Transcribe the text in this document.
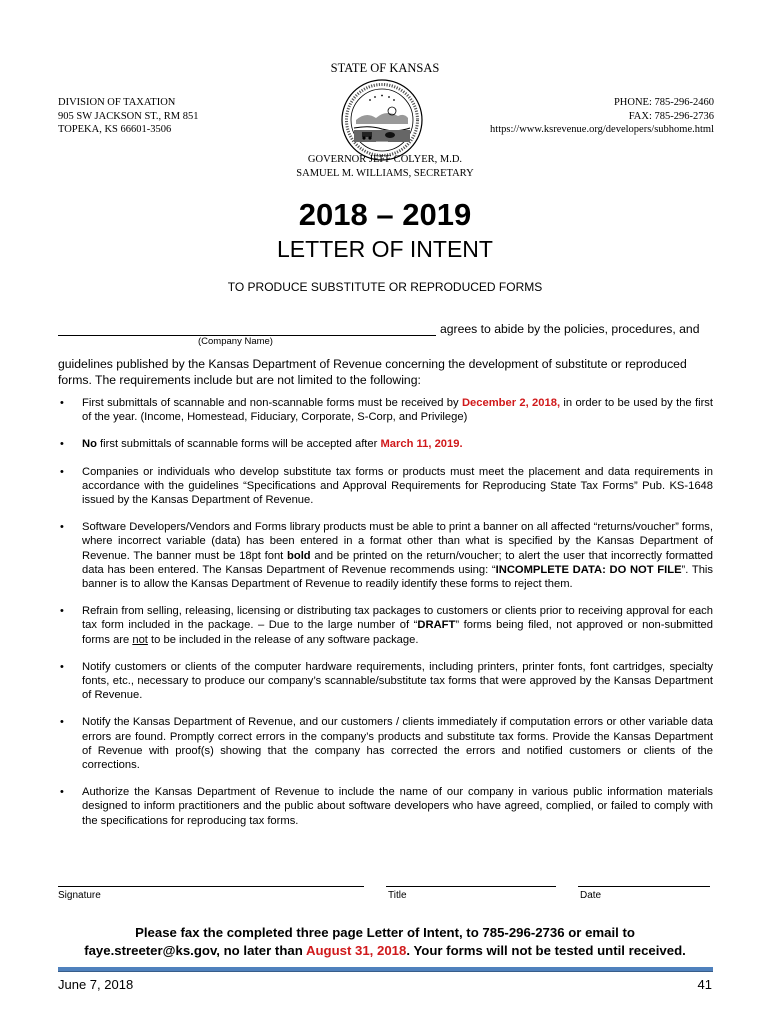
STATE OF KANSAS
DIVISION OF TAXATION
905 SW JACKSON ST., RM 851
TOPEKA, KS 66601-3506
PHONE: 785-296-2460
FAX: 785-296-2736
https://www.ksrevenue.org/developers/subhome.html
GOVERNOR JEFF COLYER, M.D.
SAMUEL M. WILLIAMS, SECRETARY
2018 – 2019
LETTER OF INTENT
TO PRODUCE SUBSTITUTE OR REPRODUCED FORMS
agrees to abide by the policies, procedures, and
(Company Name)
guidelines published by the Kansas Department of Revenue concerning the development of substitute or reproduced forms. The requirements include but are not limited to the following:
• First submittals of scannable and non-scannable forms must be received by December 2, 2018, in order to be used by the first of the year. (Income, Homestead, Fiduciary, Corporate, S-Corp, and Privilege)
• No first submittals of scannable forms will be accepted after March 11, 2019.
• Companies or individuals who develop substitute tax forms or products must meet the placement and data requirements in accordance with the guidelines “Specifications and Approval Requirements for Reproducing State Tax Forms” Pub. KS-1648 issued by the Kansas Department of Revenue.
• Software Developers/Vendors and Forms library products must be able to print a banner on all affected “returns/voucher” forms, where incorrect variable (data) has been entered in a format other than what is specified by the Kansas Department of Revenue. The banner must be 18pt font bold and be printed on the return/voucher; to alert the user that incorrectly formatted data has been entered. The Kansas Department of Revenue recommends using: “INCOMPLETE DATA: DO NOT FILE”. This banner is to allow the Kansas Department of Revenue to readily identify these forms to reject them.
• Refrain from selling, releasing, licensing or distributing tax packages to customers or clients prior to receiving approval for each tax form included in the package. – Due to the large number of “DRAFT” forms being filed, not approved or non-submitted forms are not to be included in the release of any software package.
• Notify customers or clients of the computer hardware requirements, including printers, printer fonts, font cartridges, specialty fonts, etc., necessary to produce our company’s scannable/substitute tax forms that were approved by the Kansas Department of Revenue.
• Notify the Kansas Department of Revenue, and our customers / clients immediately if computation errors or other variable data errors are found. Promptly correct errors in the company’s products and substitute tax forms. Provide the Kansas Department of Revenue with proof(s) showing that the company has corrected the errors and notified customers or clients of the corrections.
• Authorize the Kansas Department of Revenue to include the name of our company in various public information materials designed to inform practitioners and the public about software developers who have agreed, complied, or failed to comply with the specifications for reproducing tax forms.
Signature	Title	Date
Please fax the completed three page Letter of Intent, to 785-296-2736 or email to
faye.streeter@ks.gov, no later than August 31, 2018. Your forms will not be tested until received.
June 7, 2018	41
